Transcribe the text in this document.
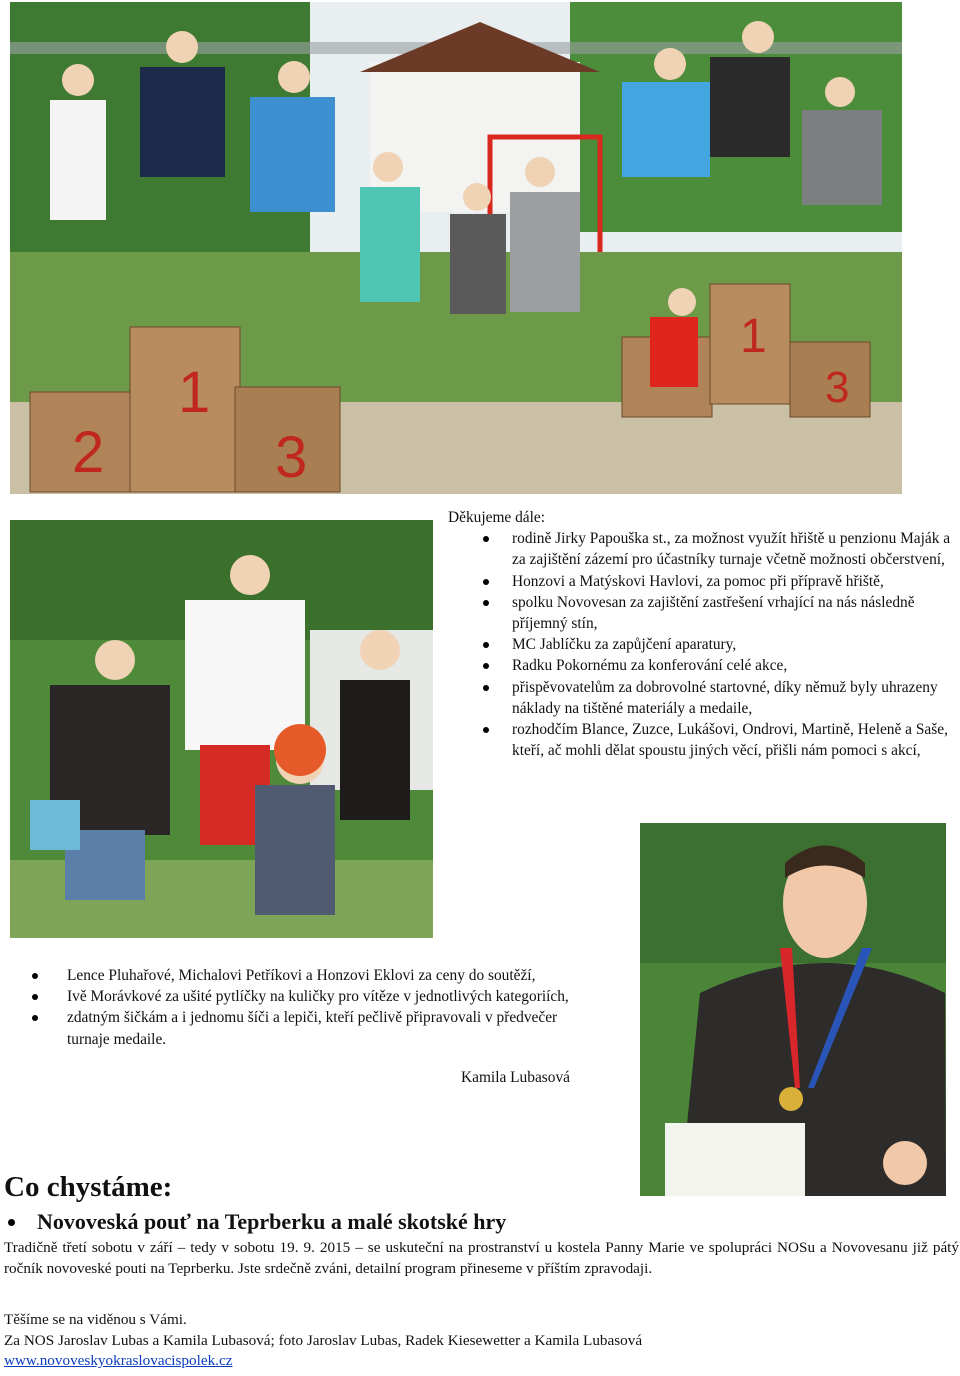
2
1
3
1
3

Děkujeme dále:

rodině Jirky Papouška st., za možnost využít hřiště u penzionu Maják a za zajištění zázemí pro účastníky turnaje včetně možnosti občerstvení,
Honzovi a Matýskovi Havlovi, za pomoc při přípravě hřiště,
spolku Novovesan za zajištění zastřešení vrhající na nás následně příjemný stín,
MC Jablíčku za zapůjčení aparatury,
Radku Pokornému za konferování celé akce,
přispěvovatelům za dobrovolné startovné, díky němuž byly uhrazeny náklady na tištěné materiály a medaile,
rozhodčím Blance, Zuzce, Lukášovi, Ondrovi, Martině, Heleně a Saše, kteří, ač mohli dělat spoustu jiných věcí, přišli nám pomoci s akcí,
Lence Pluhařové, Michalovi Petříkovi a Honzovi Eklovi za ceny do soutěží,
Ivě Morávkové za ušité pytlíčky na kuličky pro vítěze v jednotlivých kategoriích,
zdatným šičkám a i jednomu šíči a lepiči, kteří pečlivě připravovali v předvečer turnaje medaile.
Kamila Lubasová
Co chystáme:
Novoveská pouť na Teprberku a malé skotské hry

Tradičně třetí sobotu v září – tedy v sobotu 19. 9. 2015 – se uskuteční na prostranství u kostela Panny Marie ve spolupráci NOSu a Novovesanu již pátý ročník novoveské pouti na Teprberku. Jste srdečně zváni, detailní program přineseme v příštím zpravodaji.

Těšíme se na viděnou s Vámi.
Za NOS Jaroslav Lubas a Kamila Lubasová; foto Jaroslav Lubas, Radek Kiesewetter a Kamila Lubasová
www.novoveskyokraslovacispolek.cz
